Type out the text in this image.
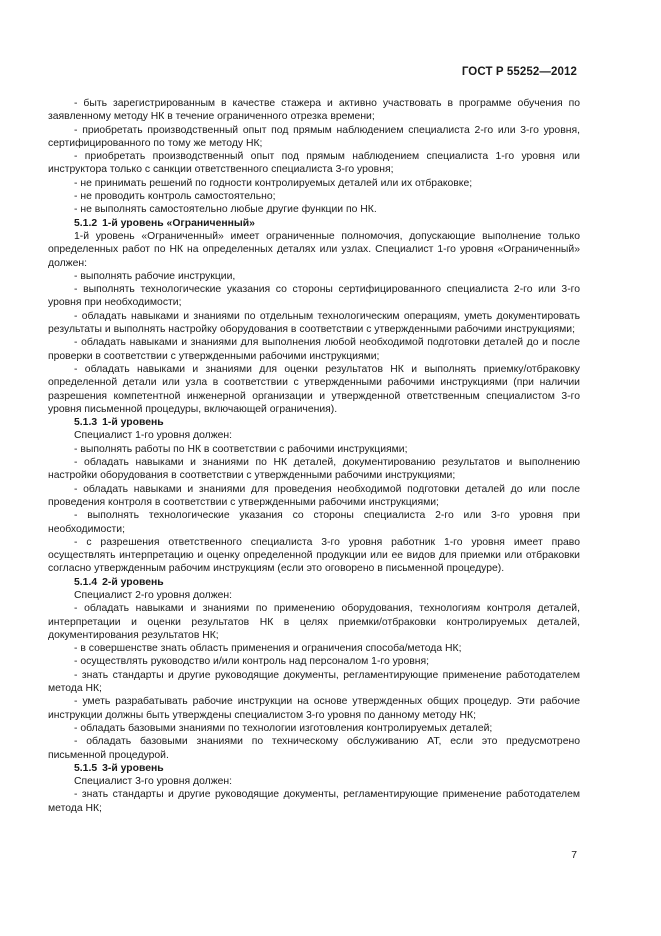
ГОСТ Р 55252—2012

- быть зарегистрированным в качестве стажера и активно участвовать в программе обучения по заявленному методу НК в течение ограниченного отрезка времени;

- приобретать производственный опыт под прямым наблюдением специалиста 2-го или 3-го уровня, сертифицированного по тому же методу НК;

- приобретать производственный опыт под прямым наблюдением специалиста 1-го уровня или инструктора только с санкции ответственного специалиста 3-го уровня;

- не принимать решений по годности контролируемых деталей или их отбраковке;

- не проводить контроль самостоятельно;

- не выполнять самостоятельно любые другие функции по НК.

5.1.2 1-й уровень «Ограниченный»

1-й уровень «Ограниченный» имеет ограниченные полномочия, допускающие выполнение только определенных работ по НК на определенных деталях или узлах. Специалист 1-го уровня «Ограниченный» должен:

- выполнять рабочие инструкции,

- выполнять технологические указания со стороны сертифицированного специалиста 2-го или 3-го уровня при необходимости;

- обладать навыками и знаниями по отдельным технологическим операциям, уметь документировать результаты и выполнять настройку оборудования в соответствии с утвержденными рабочими инструкциями;

- обладать навыками и знаниями для выполнения любой необходимой подготовки деталей до и после проверки в соответствии с утвержденными рабочими инструкциями;

- обладать навыками и знаниями для оценки результатов НК и выполнять приемку/отбраковку определенной детали или узла в соответствии с утвержденными рабочими инструкциями (при наличии разрешения компетентной инженерной организации и утвержденной ответственным специалистом 3-го уровня письменной процедуры, включающей ограничения).

5.1.3 1-й уровень

Специалист 1-го уровня должен:

- выполнять работы по НК в соответствии с рабочими инструкциями;

- обладать навыками и знаниями по НК деталей, документированию результатов и выполнению настройки оборудования в соответствии с утвержденными рабочими инструкциями;

- обладать навыками и знаниями для проведения необходимой подготовки деталей до или после проведения контроля в соответствии с утвержденными рабочими инструкциями;

- выполнять технологические указания со стороны специалиста 2-го или 3-го уровня при необходимости;

- с разрешения ответственного специалиста 3-го уровня работник 1-го уровня имеет право осуществлять интерпретацию и оценку определенной продукции или ее видов для приемки или отбраковки согласно утвержденным рабочим инструкциям (если это оговорено в письменной процедуре).

5.1.4 2-й уровень

Специалист 2-го уровня должен:

- обладать навыками и знаниями по применению оборудования, технологиям контроля деталей, интерпретации и оценки результатов НК в целях приемки/отбраковки контролируемых деталей, документирования результатов НК;

- в совершенстве знать область применения и ограничения способа/метода НК;

- осуществлять руководство и/или контроль над персоналом 1-го уровня;

- знать стандарты и другие руководящие документы, регламентирующие применение работодателем метода НК;

- уметь разрабатывать рабочие инструкции на основе утвержденных общих процедур. Эти рабочие инструкции должны быть утверждены специалистом 3-го уровня по данному методу НК;

- обладать базовыми знаниями по технологии изготовления контролируемых деталей;

- обладать базовыми знаниями по техническому обслуживанию АТ, если это предусмотрено письменной процедурой.

5.1.5 3-й уровень

Специалист 3-го уровня должен:

- знать стандарты и другие руководящие документы, регламентирующие применение работодателем метода НК;

7
